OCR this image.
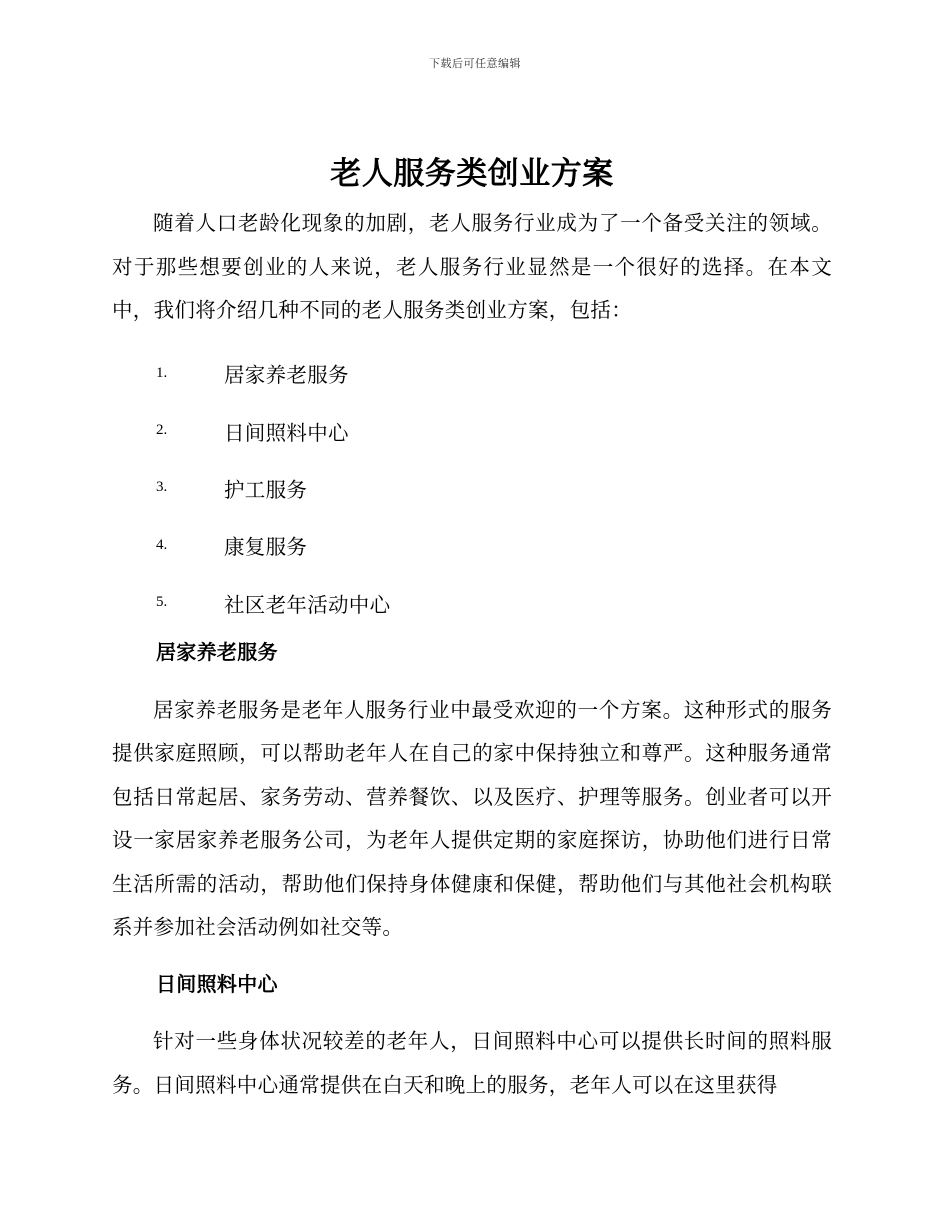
下载后可任意编辑
老人服务类创业方案

随着人口老龄化现象的加剧，老人服务行业成为了一个备受关注的领域。对于那些想要创业的人来说，老人服务行业显然是一个很好的选择。在本文中，我们将介绍几种不同的老人服务类创业方案，包括：

1.	居家养老服务
2.	日间照料中心
3.	护工服务
4.	康复服务
5.	社区老年活动中心
居家养老服务

居家养老服务是老年人服务行业中最受欢迎的一个方案。这种形式的服务提供家庭照顾，可以帮助老年人在自己的家中保持独立和尊严。这种服务通常包括日常起居、家务劳动、营养餐饮、以及医疗、护理等服务。创业者可以开设一家居家养老服务公司，为老年人提供定期的家庭探访，协助他们进行日常生活所需的活动，帮助他们保持身体健康和保健，帮助他们与其他社会机构联系并参加社会活动例如社交等。

日间照料中心

针对一些身体状况较差的老年人，日间照料中心可以提供长时间的照料服务。日间照料中心通常提供在白天和晚上的服务，老年人可以在这里获得
